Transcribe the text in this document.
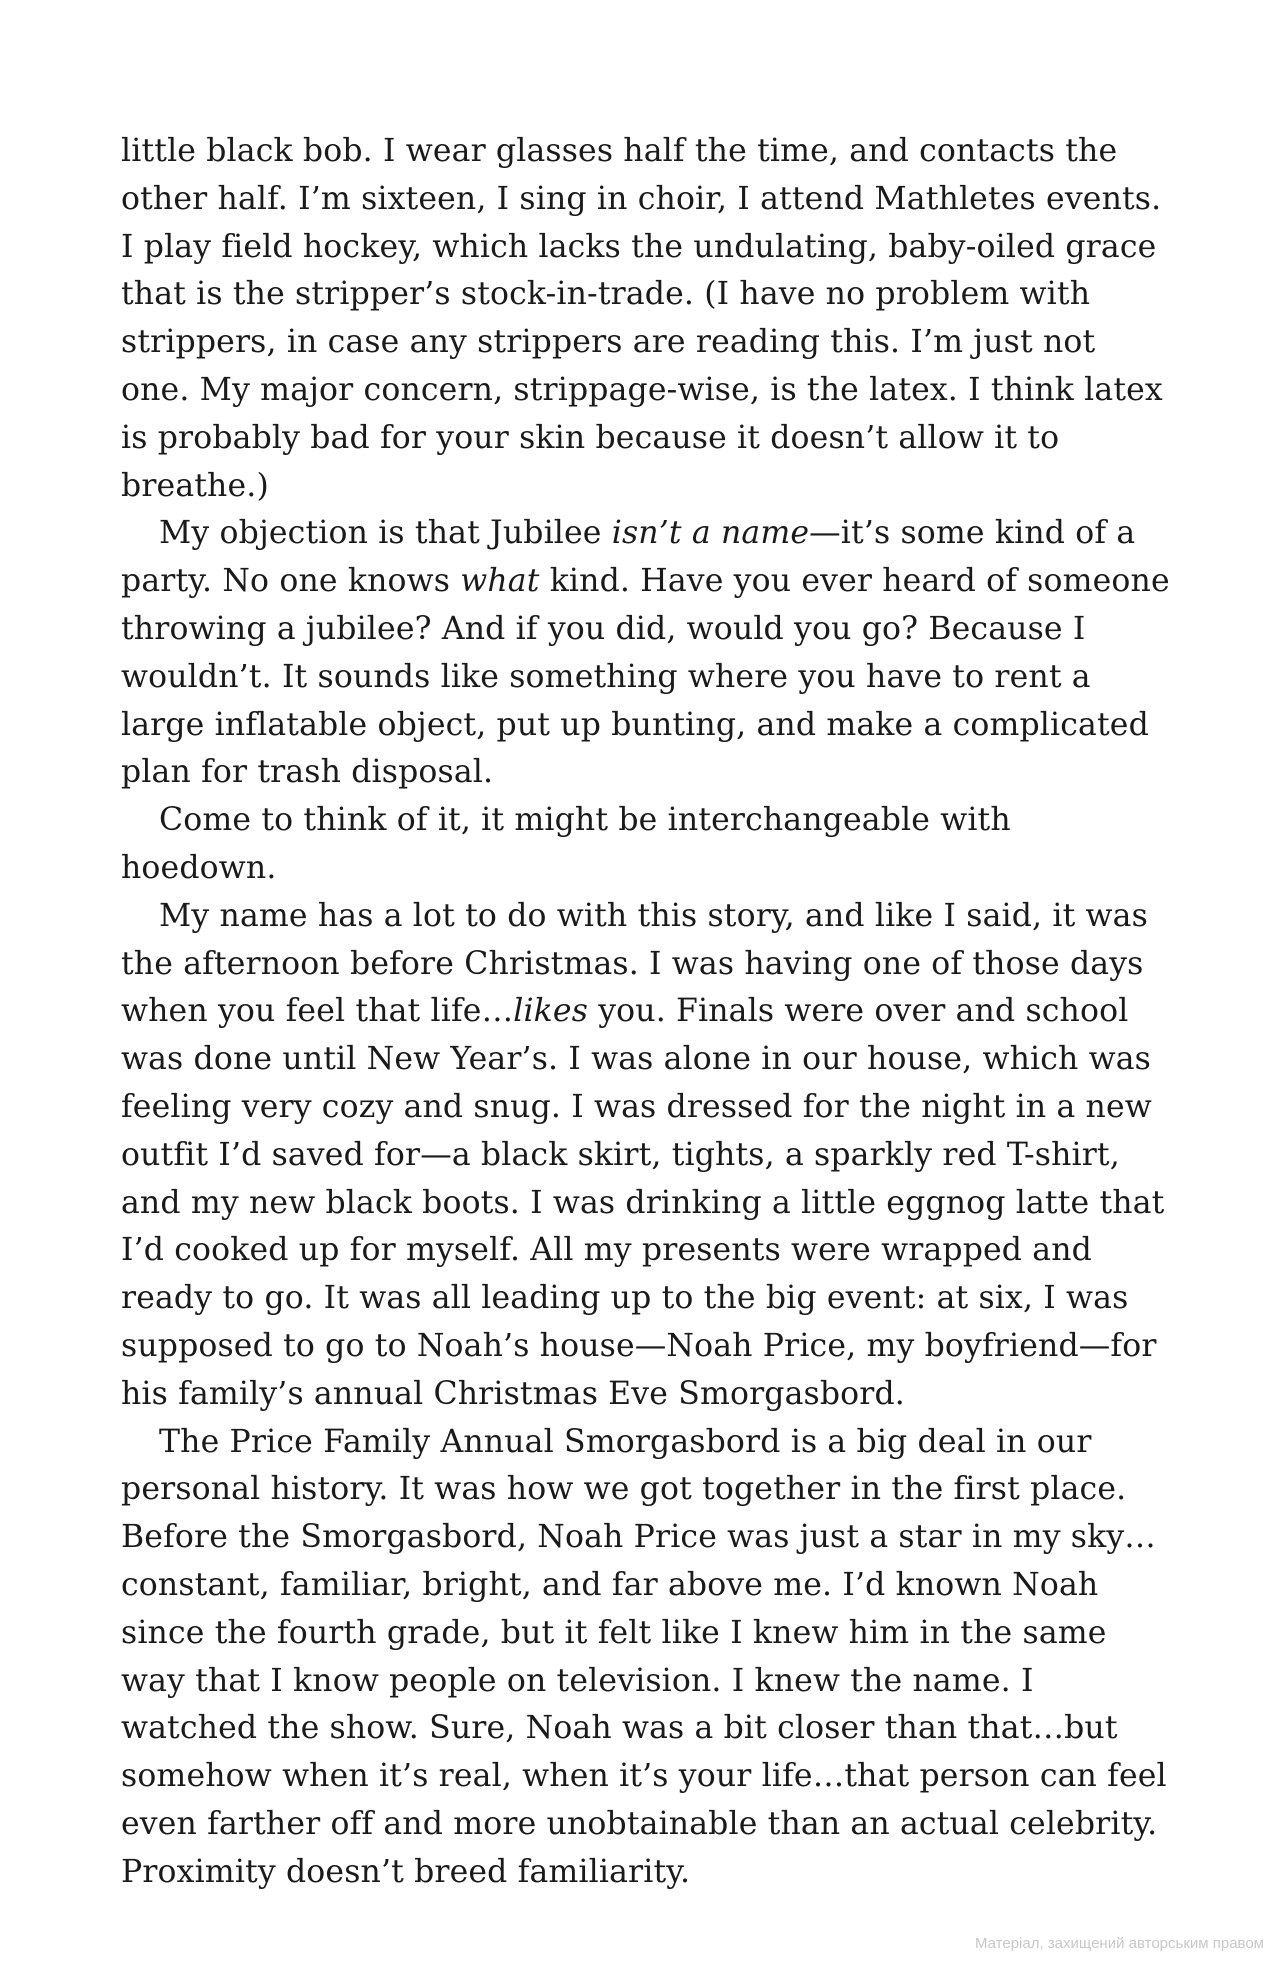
little black bob. I wear glasses half the time, and contacts the other half. I’m sixteen, I sing in choir, I attend Mathletes events. I play field hockey, which lacks the undulating, baby-oiled grace that is the stripper’s stock-in-trade. (I have no problem with strippers, in case any strippers are reading this. I’m just not one. My major concern, strippage-wise, is the latex. I think latex is probably bad for your skin because it doesn’t allow it to breathe.)

My objection is that Jubilee isn’t a name—it’s some kind of a party. No one knows what kind. Have you ever heard of someone throwing a jubilee? And if you did, would you go? Because I wouldn’t. It sounds like something where you have to rent a large inflatable object, put up bunting, and make a complicated plan for trash disposal.

Come to think of it, it might be interchangeable with hoedown.

My name has a lot to do with this story, and like I said, it was the afternoon before Christmas. I was having one of those days when you feel that life…likes you. Finals were over and school was done until New Year’s. I was alone in our house, which was feeling very cozy and snug. I was dressed for the night in a new outfit I’d saved for—a black skirt, tights, a sparkly red T-shirt, and my new black boots. I was drinking a little eggnog latte that I’d cooked up for myself. All my presents were wrapped and ready to go. It was all leading up to the big event: at six, I was supposed to go to Noah’s house—Noah Price, my boyfriend—for his family’s annual Christmas Eve Smorgasbord.

The Price Family Annual Smorgasbord is a big deal in our personal history. It was how we got together in the first place. Before the Smorgasbord, Noah Price was just a star in my sky… constant, familiar, bright, and far above me. I’d known Noah since the fourth grade, but it felt like I knew him in the same way that I know people on television. I knew the name. I watched the show. Sure, Noah was a bit closer than that…but somehow when it’s real, when it’s your life…that person can feel even farther off and more unobtainable than an actual celebrity. Proximity doesn’t breed familiarity.

Матеріал, захищений авторським правом
